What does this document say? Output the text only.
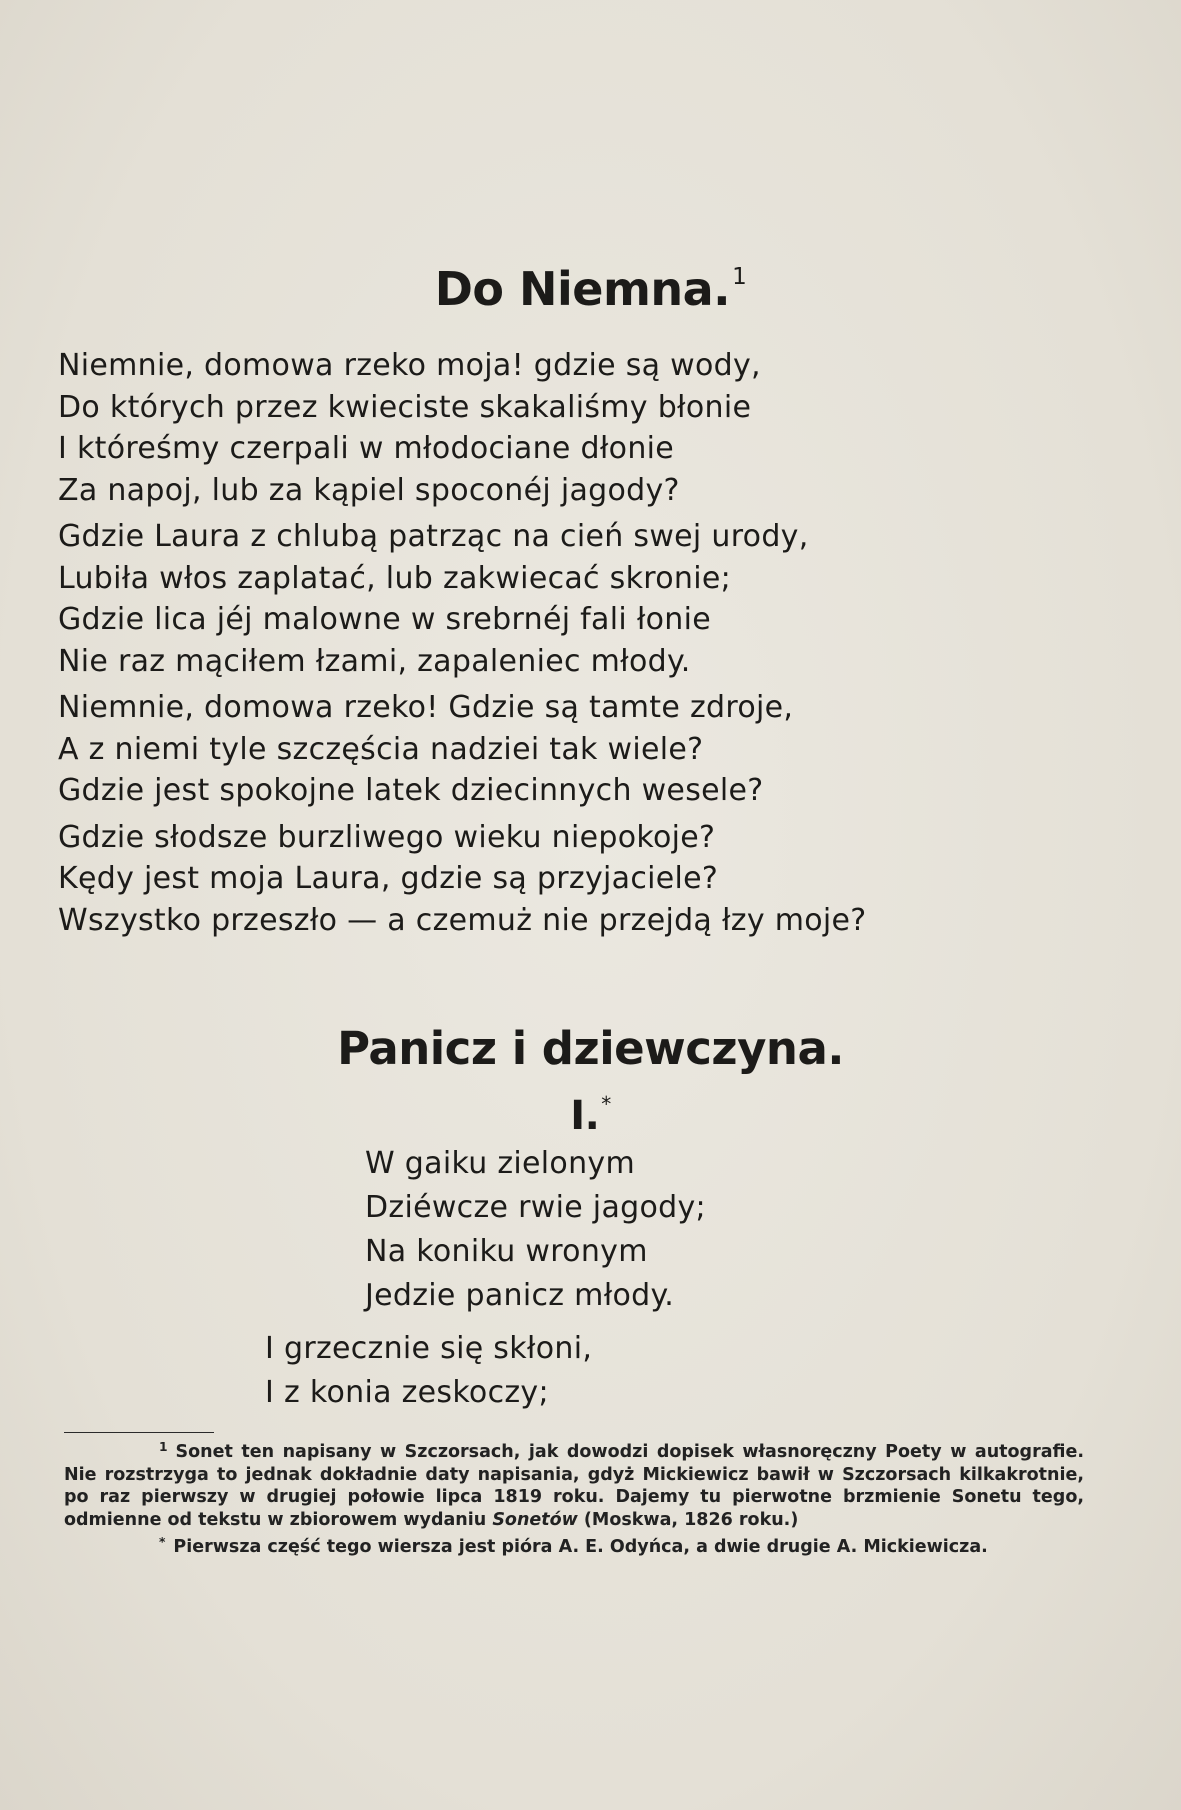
Do Niemna.$^1$
Niemnie, domowa rzeko moja! gdzie są wody,
Do których przez kwieciste skakaliśmy błonie
I któreśmy czerpali w młodociane dłonie
Za napoj, lub za kąpiel spoconéj jagody?
Gdzie Laura z chlubą patrząc na cień swej urody,
Lubiła włos zaplatać, lub zakwiecać skronie;
Gdzie lica jéj malowne w srebrnéj fali łonie
Nie raz mąciłem łzami, zapaleniec młody.
Niemnie, domowa rzeko! Gdzie są tamte zdroje,
A z niemi tyle szczęścia nadziei tak wiele?
Gdzie jest spokojne latek dziecinnych wesele?
Gdzie słodsze burzliwego wieku niepokoje?
Kędy jest moja Laura, gdzie są przyjaciele?
Wszystko przeszło — a czemuż nie przejdą łzy moje?
Panicz i dziewczyna.
I. *
W gaiku zielonym
Dziéwcze rwie jagody;
Na koniku wronym
Jedzie panicz młody.
I grzecznie się skłoni,
I z konia zeskoczy;

$^1$ Sonet ten napisany w Szczorsach, jak dowodzi dopisek własnoręczny Poety w autografie. Nie rozstrzyga to jednak dokładnie daty napisania, gdyż Mickiewicz bawił w Szczorsach kilkakrotnie, po raz pierwszy w drugiej połowie lipca 1819 roku. Dajemy tu pierwotne brzmienie Sonetu tego, odmienne od tekstu w zbiorowem wydaniu Sonetów (Moskwa, 1826 roku.)

* Pierwsza część tego wiersza jest pióra A. E. Odyńca, a dwie drugie A. Mickiewicza.
